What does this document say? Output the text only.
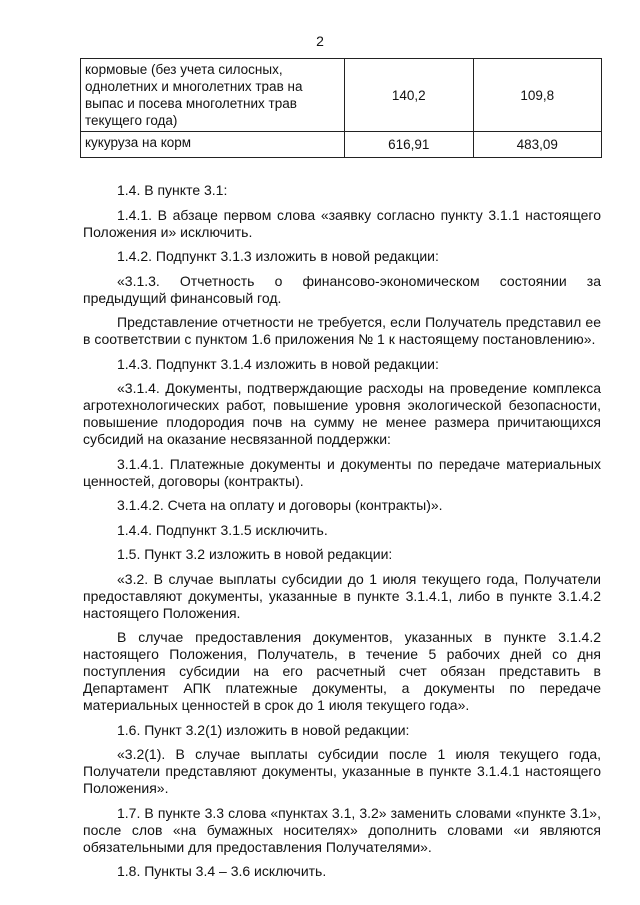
2
кормовые (без учета силосных, однолетних и многолетних трав на выпас и посева многолетних трав текущего года)	140,2	109,8
кукуруза на корм	616,91	483,09

1.4. В пункте 3.1:

1.4.1. В абзаце первом слова «заявку согласно пункту 3.1.1 настоящего Положения и» исключить.

1.4.2. Подпункт 3.1.3 изложить в новой редакции:

«3.1.3. Отчетность о финансово-экономическом состоянии за предыдущий финансовый год.

Представление отчетности не требуется, если Получатель представил ее в соответствии с пунктом 1.6 приложения № 1 к настоящему постановлению».

1.4.3. Подпункт 3.1.4 изложить в новой редакции:

«3.1.4. Документы, подтверждающие расходы на проведение комплекса агротехнологических работ, повышение уровня экологической безопасности, повышение плодородия почв на сумму не менее размера причитающихся субсидий на оказание несвязанной поддержки:

3.1.4.1. Платежные документы и документы по передаче материальных ценностей, договоры (контракты).

3.1.4.2. Счета на оплату и договоры (контракты)».

1.4.4. Подпункт 3.1.5 исключить.

1.5. Пункт 3.2 изложить в новой редакции:

«3.2. В случае выплаты субсидии до 1 июля текущего года, Получатели предоставляют документы, указанные в пункте 3.1.4.1, либо в пункте 3.1.4.2 настоящего Положения.

В случае предоставления документов, указанных в пункте 3.1.4.2 настоящего Положения, Получатель, в течение 5 рабочих дней со дня поступления субсидии на его расчетный счет обязан представить в Департамент АПК платежные документы, а документы по передаче материальных ценностей в срок до 1 июля текущего года».

1.6. Пункт 3.2(1) изложить в новой редакции:

«3.2(1). В случае выплаты субсидии после 1 июля текущего года, Получатели представляют документы, указанные в пункте 3.1.4.1 настоящего Положения».

1.7. В пункте 3.3 слова «пунктах 3.1, 3.2» заменить словами «пункте 3.1», после слов «на бумажных носителях» дополнить словами «и являются обязательными для предоставления Получателями».

1.8. Пункты 3.4 – 3.6 исключить.
